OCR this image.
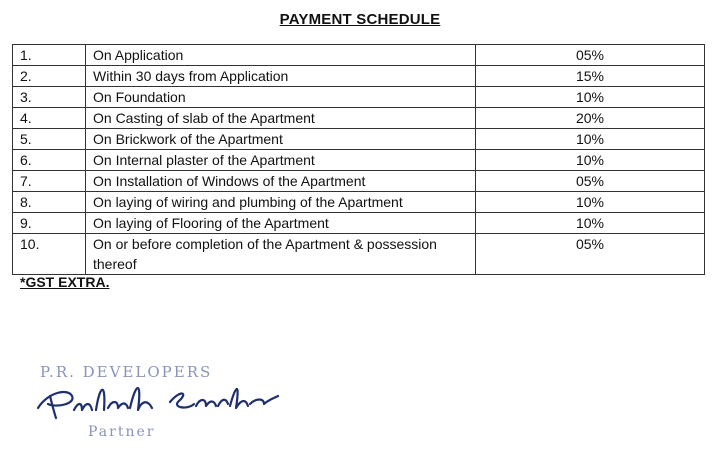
PAYMENT SCHEDULE
1.	On Application	05%
2.	Within 30 days from Application	15%
3.	On Foundation	10%
4.	On Casting of slab of the Apartment	20%
5.	On Brickwork of the Apartment	10%
6.	On Internal plaster of the Apartment	10%
7.	On Installation of Windows of the Apartment	05%
8.	On laying of wiring and plumbing of the Apartment	10%
9.	On laying of Flooring of the Apartment	10%
10.	On or before completion of the Apartment & possession thereof	05%
*GST EXTRA.
P.R. DEVELOPERS
Partner
